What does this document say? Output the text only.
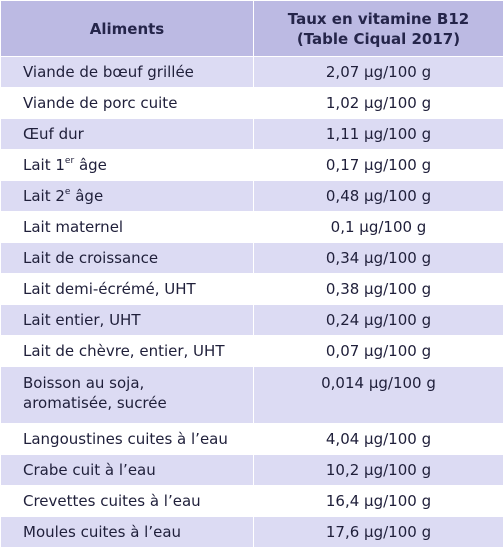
Aliments	Taux en vitamine B12
(Table Ciqual 2017)

Viande de bœuf grillée	2,07 µg/100 g
Viande de porc cuite	1,02 µg/100 g
Œuf dur	1,11 µg/100 g
Lait 1er âge	0,17 µg/100 g
Lait 2e âge	0,48 µg/100 g
Lait maternel	0,1 µg/100 g
Lait de croissance	0,34 µg/100 g
Lait demi-écrémé, UHT	0,38 µg/100 g
Lait entier, UHT	0,24 µg/100 g
Lait de chèvre, entier, UHT	0,07 µg/100 g

Boisson au soja,
aromatisée, sucrée	0,014 µg/100 g
Langoustines cuites à l’eau	4,04 µg/100 g
Crabe cuit à l’eau	10,2 µg/100 g
Crevettes cuites à l’eau	16,4 µg/100 g
Moules cuites à l’eau	17,6 µg/100 g
